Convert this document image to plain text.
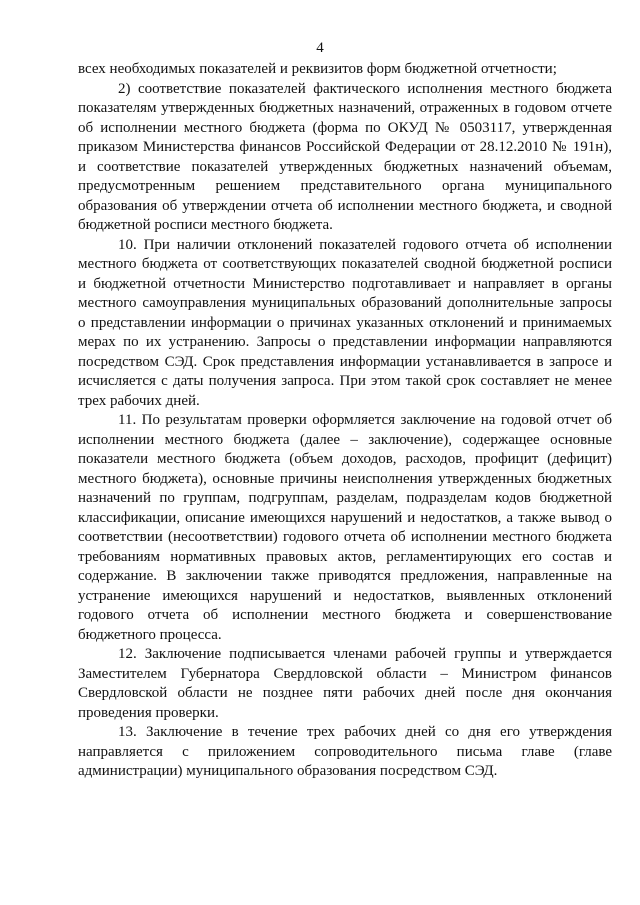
4

всех необходимых показателей и реквизитов форм бюджетной отчетности;

2) соответствие показателей фактического исполнения местного бюджета показателям утвержденных бюджетных назначений, отраженных в годовом отчете об исполнении местного бюджета (форма по ОКУД № 0503117, утвержденная приказом Министерства финансов Российской Федерации от 28.12.2010 № 191н), и соответствие показателей утвержденных бюджетных назначений объемам, предусмотренным решением представительного органа муниципального образования об утверждении отчета об исполнении местного бюджета, и сводной бюджетной росписи местного бюджета.

10. При наличии отклонений показателей годового отчета об исполнении местного бюджета от соответствующих показателей сводной бюджетной росписи и бюджетной отчетности Министерство подготавливает и направляет в органы местного самоуправления муниципальных образований дополнительные запросы о представлении информации о причинах указанных отклонений и принимаемых мерах по их устранению. Запросы о представлении информации направляются посредством СЭД. Срок представления информации устанавливается в запросе и исчисляется с даты получения запроса. При этом такой срок составляет не менее трех рабочих дней.

11. По результатам проверки оформляется заключение на годовой отчет об исполнении местного бюджета (далее – заключение), содержащее основные показатели местного бюджета (объем доходов, расходов, профицит (дефицит) местного бюджета), основные причины неисполнения утвержденных бюджетных назначений по группам, подгруппам, разделам, подразделам кодов бюджетной классификации, описание имеющихся нарушений и недостатков, а также вывод о соответствии (несоответствии) годового отчета об исполнении местного бюджета требованиям нормативных правовых актов, регламентирующих его состав и содержание. В заключении также приводятся предложения, направленные на устранение имеющихся нарушений и недостатков, выявленных отклонений годового отчета об исполнении местного бюджета и совершенствование бюджетного процесса.

12. Заключение подписывается членами рабочей группы и утверждается Заместителем Губернатора Свердловской области – Министром финансов Свердловской области не позднее пяти рабочих дней после дня окончания проведения проверки.

13. Заключение в течение трех рабочих дней со дня его утверждения направляется с приложением сопроводительного письма главе (главе администрации) муниципального образования посредством СЭД.
